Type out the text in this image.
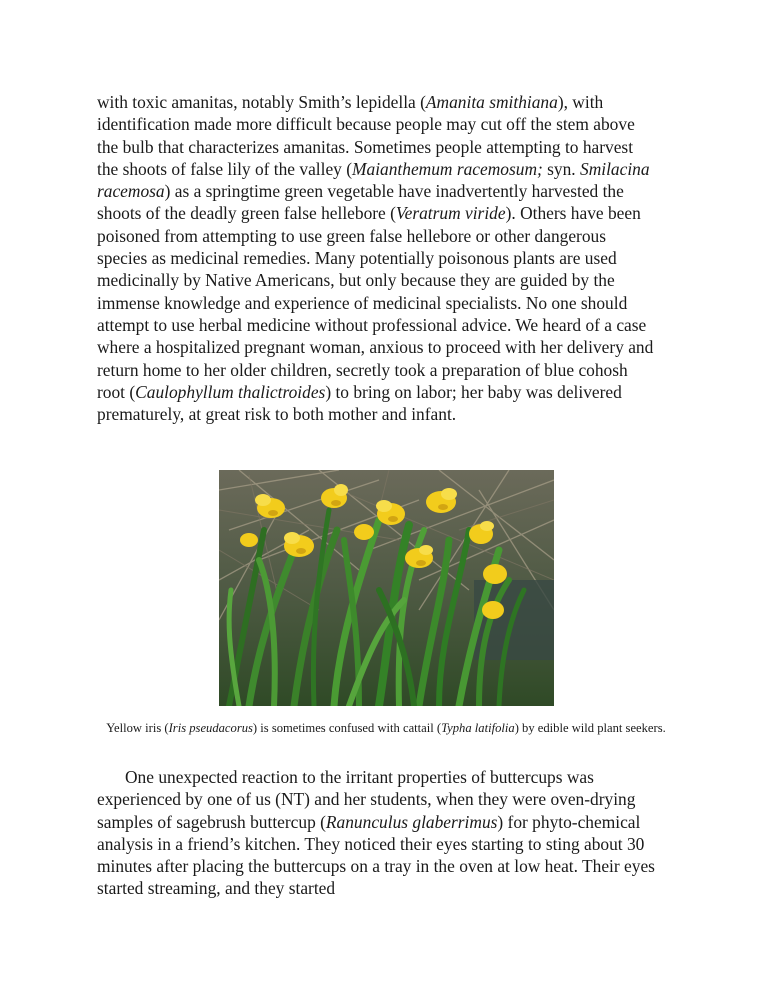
with toxic amanitas, notably Smith’s lepidella (Amanita smithiana), with identification made more difficult because people may cut off the stem above the bulb that characterizes amanitas. Sometimes people attempting to harvest the shoots of false lily of the valley (Maianthemum racemosum; syn. Smilacina racemosa) as a springtime green vegetable have inadvertently harvested the shoots of the deadly green false hellebore (Veratrum viride). Others have been poisoned from attempting to use green false hellebore or other dangerous species as medicinal remedies. Many potentially poisonous plants are used medicinally by Native Americans, but only because they are guided by the immense knowledge and experience of medicinal specialists. No one should attempt to use herbal medicine without professional advice. We heard of a case where a hospitalized pregnant woman, anxious to proceed with her delivery and return home to her older children, secretly took a preparation of blue cohosh root (Caulophyllum thalictroides) to bring on labor; her baby was delivered prematurely, at great risk to both mother and infant.

Yellow iris (Iris pseudacorus) is sometimes confused with cattail (Typha latifolia) by edible wild plant seekers.

One unexpected reaction to the irritant properties of buttercups was experienced by one of us (NT) and her students, when they were oven-drying samples of sagebrush buttercup (Ranunculus glaberrimus) for phyto-chemical analysis in a friend’s kitchen. They noticed their eyes starting to sting about 30 minutes after placing the buttercups on a tray in the oven at low heat. Their eyes started streaming, and they started
